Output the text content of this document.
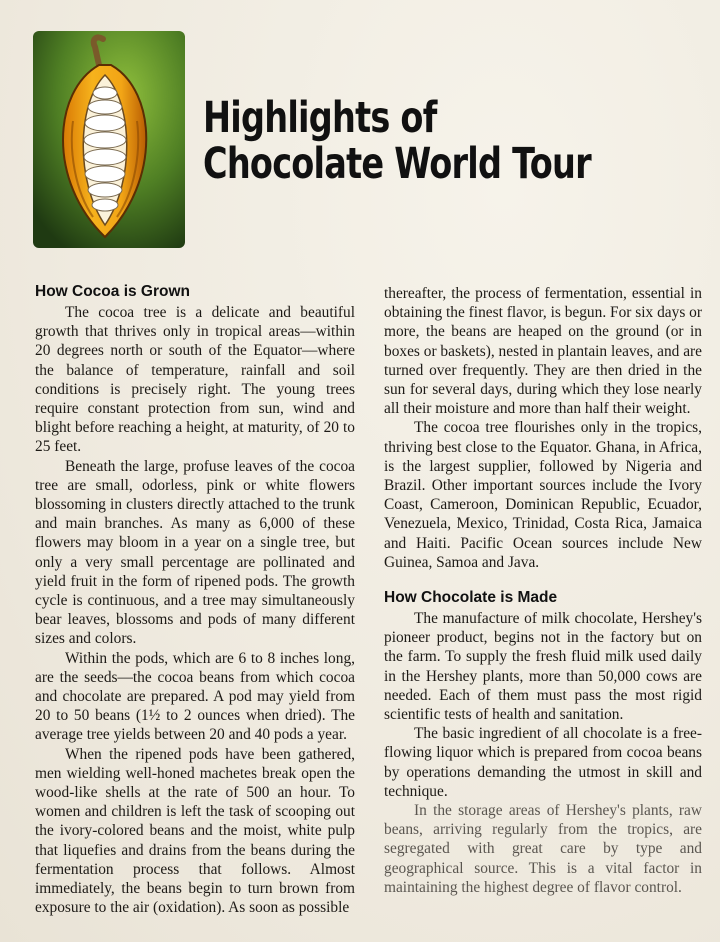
Highlights of
Chocolate World Tour
How Cocoa is Grown

The cocoa tree is a delicate and beautiful growth that thrives only in tropical areas—within 20 degrees north or south of the Equator—where the balance of temperature, rainfall and soil conditions is precisely right. The young trees require constant protection from sun, wind and blight before reaching a height, at maturity, of 20 to 25 feet.

Beneath the large, profuse leaves of the cocoa tree are small, odorless, pink or white flowers blossoming in clusters directly attached to the trunk and main branches. As many as 6,000 of these flowers may bloom in a year on a single tree, but only a very small percentage are pollinated and yield fruit in the form of ripened pods. The growth cycle is continuous, and a tree may simultaneously bear leaves, blossoms and pods of many different sizes and colors.

Within the pods, which are 6 to 8 inches long, are the seeds—the cocoa beans from which cocoa and chocolate are prepared. A pod may yield from 20 to 50 beans (1½ to 2 ounces when dried). The average tree yields between 20 and 40 pods a year.

When the ripened pods have been gathered, men wielding well-honed machetes break open the wood-like shells at the rate of 500 an hour. To women and children is left the task of scooping out the ivory-colored beans and the moist, white pulp that liquefies and drains from the beans during the fermentation process that follows. Almost immediately, the beans begin to turn brown from exposure to the air (oxidation). As soon as possible

thereafter, the process of fermentation, essential in obtaining the finest flavor, is begun. For six days or more, the beans are heaped on the ground (or in boxes or baskets), nested in plantain leaves, and are turned over frequently. They are then dried in the sun for several days, during which they lose nearly all their moisture and more than half their weight.

The cocoa tree flourishes only in the tropics, thriving best close to the Equator. Ghana, in Africa, is the largest supplier, followed by Nigeria and Brazil. Other important sources include the Ivory Coast, Cameroon, Dominican Republic, Ecuador, Venezuela, Mexico, Trinidad, Costa Rica, Jamaica and Haiti. Pacific Ocean sources include New Guinea, Samoa and Java.

How Chocolate is Made

The manufacture of milk chocolate, Hershey's pioneer product, begins not in the factory but on the farm. To supply the fresh fluid milk used daily in the Hershey plants, more than 50,000 cows are needed. Each of them must pass the most rigid scientific tests of health and sanitation.

The basic ingredient of all chocolate is a free-flowing liquor which is prepared from cocoa beans by operations demanding the utmost in skill and technique.

In the storage areas of Hershey's plants, raw beans, arriving regularly from the tropics, are segregated with great care by type and geographical source. This is a vital factor in maintaining the highest degree of flavor control.
